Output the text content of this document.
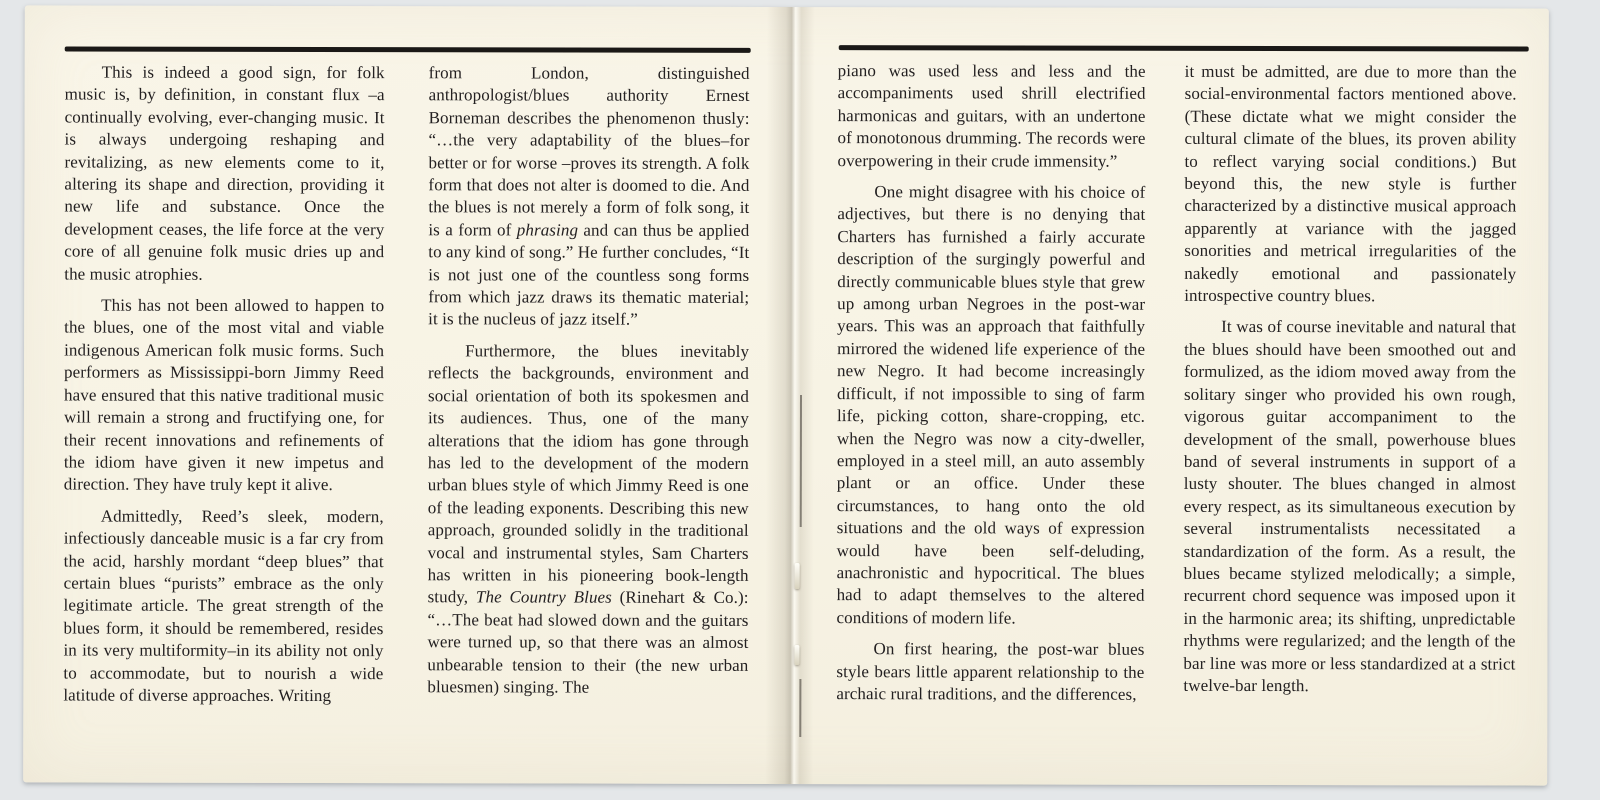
This is indeed a good sign, for folk music is, by definition, in constant flux –a continually evolving, ever-changing music. It is always undergoing reshaping and revitalizing, as new elements come to it, altering its shape and direction, providing it new life and substance. Once the development ceases, the life force at the very core of all genuine folk music dries up and the music atrophies.

This has not been allowed to happen to the blues, one of the most vital and viable indigenous American folk music forms. Such performers as Mississippi-born Jimmy Reed have ensured that this native traditional music will remain a strong and fructifying one, for their recent innovations and refinements of the idiom have given it new impetus and direction. They have truly kept it alive.

Admittedly, Reed’s sleek, modern, infectiously danceable music is a far cry from the acid, harshly mordant “deep blues” that certain blues “purists” embrace as the only legitimate article. The great strength of the blues form, it should be remembered, resides in its very multiformity–in its ability not only to accommodate, but to nourish a wide latitude of diverse approaches. Writing

from London, distinguished anthropologist/blues authority Ernest Borneman describes the phenomenon thusly: “…the very adaptability of the blues–for better or for worse –proves its strength. A folk form that does not alter is doomed to die. And the blues is not merely a form of folk song, it is a form of phrasing and can thus be applied to any kind of song.” He further concludes, “It is not just one of the countless song forms from which jazz draws its thematic material; it is the nucleus of jazz itself.”

Furthermore, the blues inevitably reflects the backgrounds, environment and social orientation of both its spokesmen and its audiences. Thus, one of the many alterations that the idiom has gone through has led to the development of the modern urban blues style of which Jimmy Reed is one of the leading exponents. Describing this new approach, grounded solidly in the traditional vocal and instrumental styles, Sam Charters has written in his pioneering book-length study, The Country Blues (Rinehart & Co.): “…The beat had slowed down and the guitars were turned up, so that there was an almost unbearable tension to their (the new urban bluesmen) singing. The

piano was used less and less and the accompaniments used shrill electrified harmonicas and guitars, with an undertone of monotonous drumming. The records were overpowering in their crude immensity.”

One might disagree with his choice of adjectives, but there is no denying that Charters has furnished a fairly accurate description of the surgingly powerful and directly communicable blues style that grew up among urban Negroes in the post-war years. This was an approach that faithfully mirrored the widened life experience of the new Negro. It had become increasingly difficult, if not impossible to sing of farm life, picking cotton, share-cropping, etc. when the Negro was now a city-dweller, employed in a steel mill, an auto assembly plant or an office. Under these circumstances, to hang onto the old situations and the old ways of expression would have been self-deluding, anachronistic and hypocritical. The blues had to adapt themselves to the altered conditions of modern life.

On first hearing, the post-war blues style bears little apparent relationship to the archaic rural traditions, and the differences,

it must be admitted, are due to more than the social-environmental factors mentioned above. (These dictate what we might consider the cultural climate of the blues, its proven ability to reflect varying social conditions.) But beyond this, the new style is further characterized by a distinctive musical approach apparently at variance with the jagged sonorities and metrical irregularities of the nakedly emotional and passionately introspective country blues.

It was of course inevitable and natural that the blues should have been smoothed out and formulized, as the idiom moved away from the solitary singer who provided his own rough, vigorous guitar accompaniment to the development of the small, powerhouse blues band of several instruments in support of a lusty shouter. The blues changed in almost every respect, as its simultaneous execution by several instrumentalists necessitated a standardization of the form. As a result, the blues became stylized melodically; a simple, recurrent chord sequence was imposed upon it in the harmonic area; its shifting, unpredictable rhythms were regularized; and the length of the bar line was more or less standardized at a strict twelve-bar length.
